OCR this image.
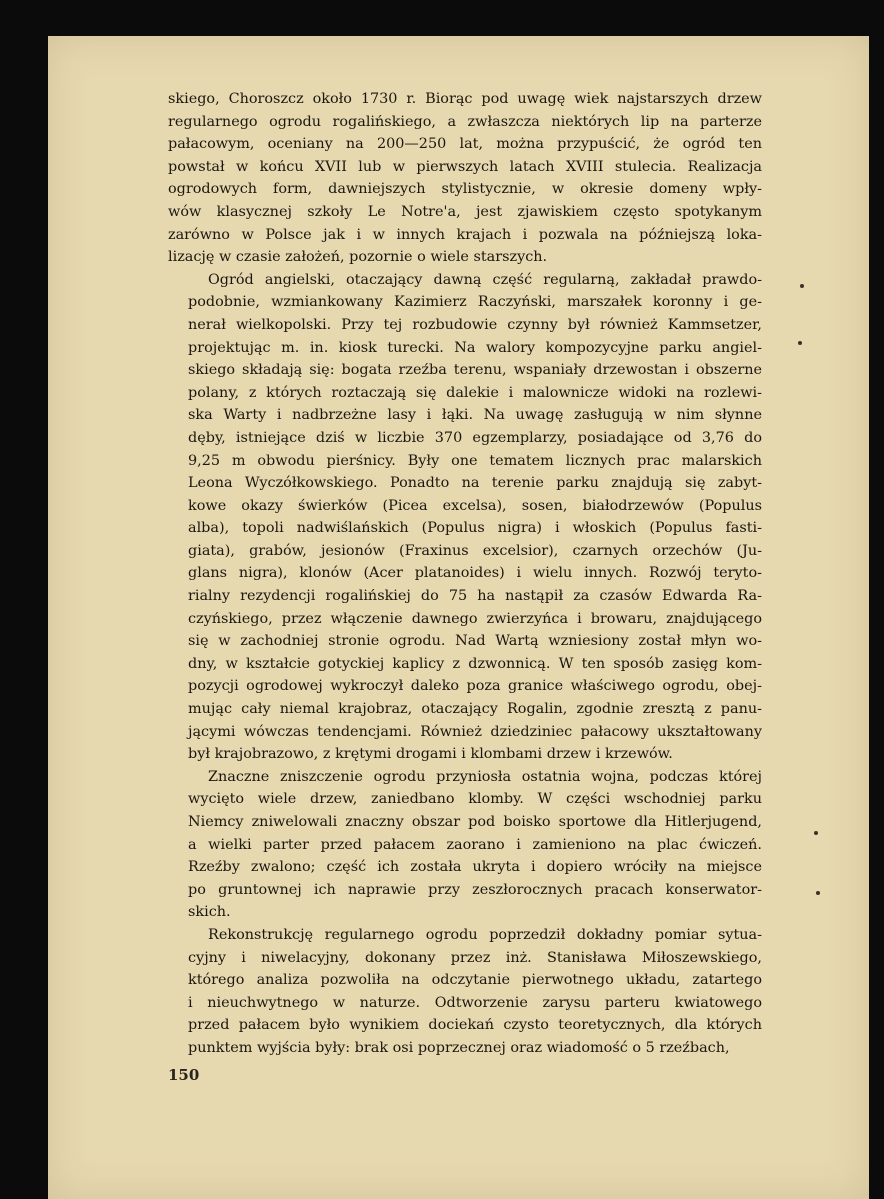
skiego, Choroszcz około 1730 r. Biorąc pod uwagę wiek najstarszych drzew
regularnego ogrodu rogalińskiego, a zwłaszcza niektórych lip na parterze
pałacowym, oceniany na 200—250 lat, można przypuścić, że ogród ten
powstał w końcu XVII lub w pierwszych latach XVIII stulecia. Realizacja
ogrodowych form, dawniejszych stylistycznie, w okresie domeny wpły-
wów klasycznej szkoły Le Notre'a, jest zjawiskiem często spotykanym
zarówno w Polsce jak i w innych krajach i pozwala na późniejszą loka-
lizację w czasie założeń, pozornie o wiele starszych.

Ogród angielski, otaczający dawną część regularną, zakładał prawdo-
podobnie, wzmiankowany Kazimierz Raczyński, marszałek koronny i ge-
nerał wielkopolski. Przy tej rozbudowie czynny był również Kammsetzer,
projektując m. in. kiosk turecki. Na walory kompozycyjne parku angiel-
skiego składają się: bogata rzeźba terenu, wspaniały drzewostan i obszerne
polany, z których roztaczają się dalekie i malownicze widoki na rozlewi-
ska Warty i nadbrzeżne lasy i łąki. Na uwagę zasługują w nim słynne
dęby, istniejące dziś w liczbie 370 egzemplarzy, posiadające od 3,76 do
9,25 m obwodu pierśnicy. Były one tematem licznych prac malarskich
Leona Wyczółkowskiego. Ponadto na terenie parku znajdują się zabyt-
kowe okazy świerków (Picea excelsa), sosen, białodrzewów (Populus
alba), topoli nadwiślańskich (Populus nigra) i włoskich (Populus fasti-
giata), grabów, jesionów (Fraxinus excelsior), czarnych orzechów (Ju-
glans nigra), klonów (Acer platanoides) i wielu innych. Rozwój teryto-
rialny rezydencji rogalińskiej do 75 ha nastąpił za czasów Edwarda Ra-
czyńskiego, przez włączenie dawnego zwierzyńca i browaru, znajdującego
się w zachodniej stronie ogrodu. Nad Wartą wzniesiony został młyn wo-
dny, w kształcie gotyckiej kaplicy z dzwonnicą. W ten sposób zasięg kom-
pozycji ogrodowej wykroczył daleko poza granice właściwego ogrodu, obej-
mując cały niemal krajobraz, otaczający Rogalin, zgodnie zresztą z panu-
jącymi wówczas tendencjami. Również dziedziniec pałacowy ukształtowany
był krajobrazowo, z krętymi drogami i klombami drzew i krzewów.

Znaczne zniszczenie ogrodu przyniosła ostatnia wojna, podczas której
wycięto wiele drzew, zaniedbano klomby. W części wschodniej parku
Niemcy zniwelowali znaczny obszar pod boisko sportowe dla Hitlerjugend,
a wielki parter przed pałacem zaorano i zamieniono na plac ćwiczeń.
Rzeźby zwalono; część ich została ukryta i dopiero wróciły na miejsce
po gruntownej ich naprawie przy zeszłorocznych pracach konserwator-
skich.

Rekonstrukcję regularnego ogrodu poprzedził dokładny pomiar sytua-
cyjny i niwelacyjny, dokonany przez inż. Stanisława Miłoszewskiego,
którego analiza pozwoliła na odczytanie pierwotnego układu, zatartego
i nieuchwytnego w naturze. Odtworzenie zarysu parteru kwiatowego
przed pałacem było wynikiem dociekań czysto teoretycznych, dla których
punktem wyjścia były: brak osi poprzecznej oraz wiadomość o 5 rzeźbach,

150
